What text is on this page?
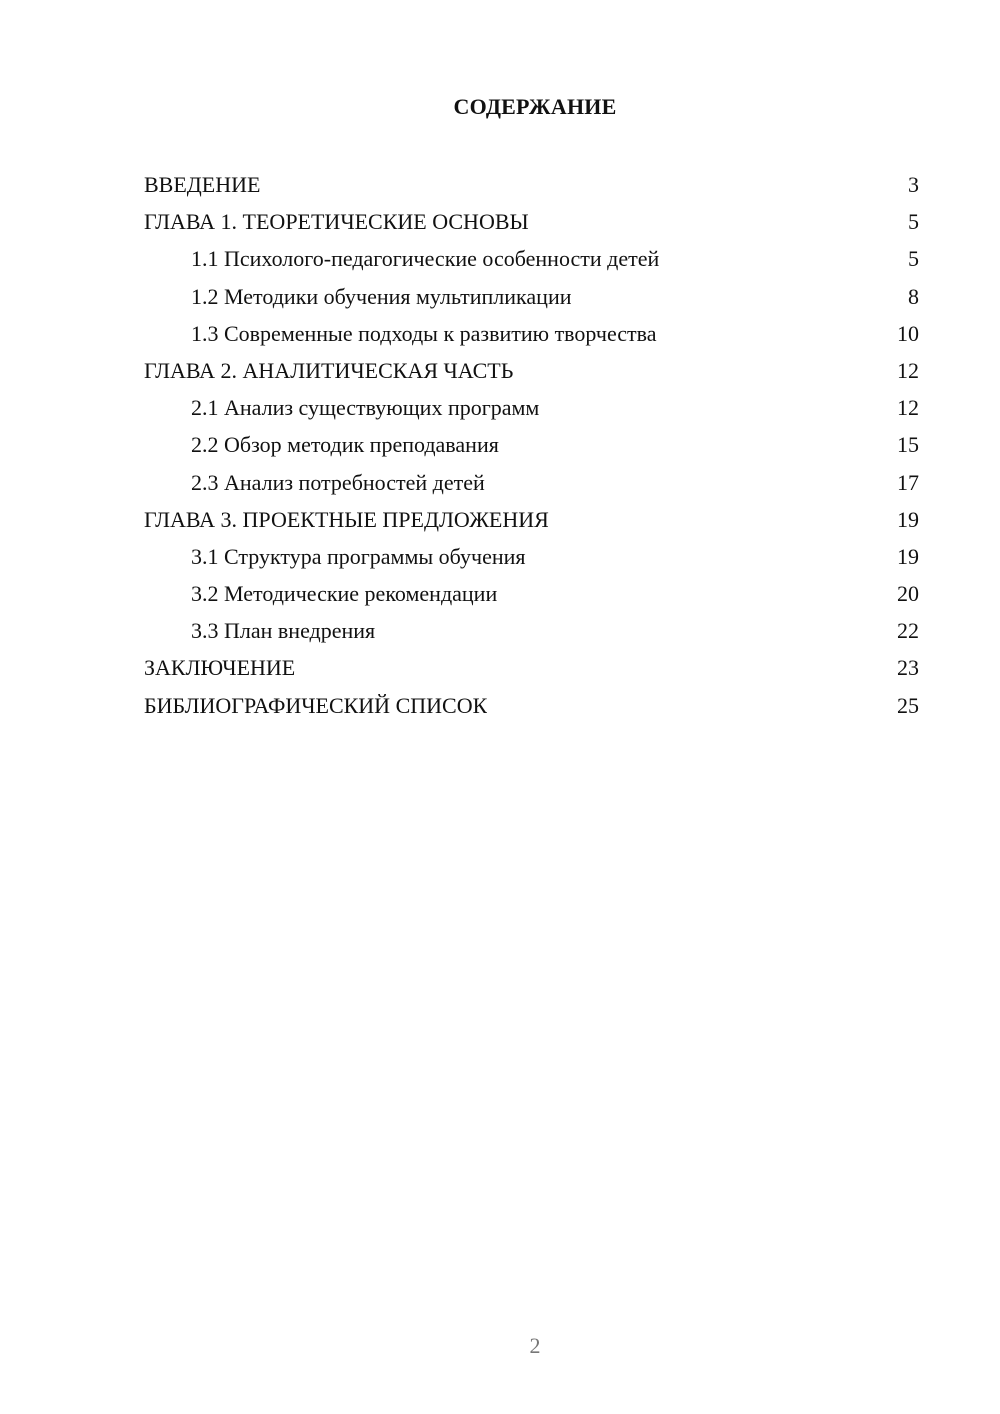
СОДЕРЖАНИЕ
ВВЕДЕНИЕ	3
ГЛАВА 1. ТЕОРЕТИЧЕСКИЕ ОСНОВЫ	5
1.1 Психолого-педагогические особенности детей	5
1.2 Методики обучения мультипликации	8
1.3 Современные подходы к развитию творчества	10
ГЛАВА 2. АНАЛИТИЧЕСКАЯ ЧАСТЬ	12
2.1 Анализ существующих программ	12
2.2 Обзор методик преподавания	15
2.3 Анализ потребностей детей	17
ГЛАВА 3. ПРОЕКТНЫЕ ПРЕДЛОЖЕНИЯ	19
3.1 Структура программы обучения	19
3.2 Методические рекомендации	20
3.3 План внедрения	22
ЗАКЛЮЧЕНИЕ	23
БИБЛИОГРАФИЧЕСКИЙ СПИСОК	25
2
